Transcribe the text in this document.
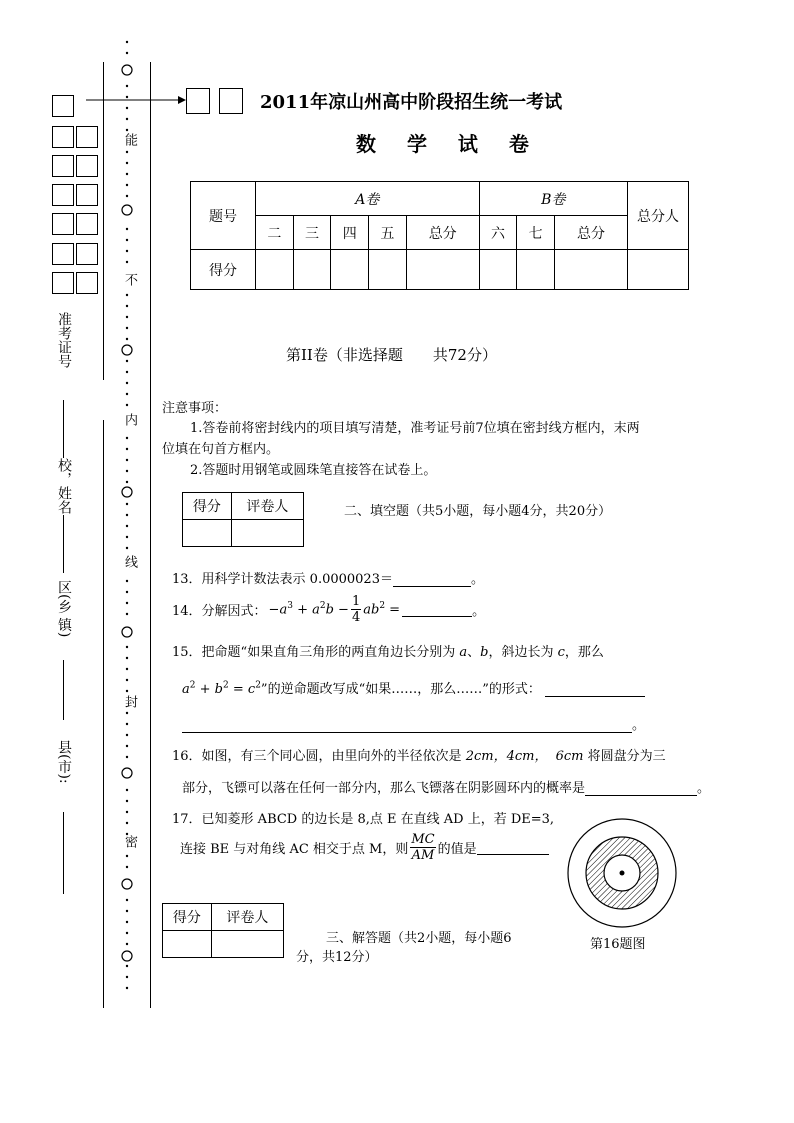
准考证号
校，姓名
区(乡 镇)
县(市):
能
不
内
线
封
密
2011年凉山州高中阶段招生统一考试
数 学 试 卷
题号	A卷					B卷			总分人
	二	三	四	五	总分	六	七	总分	
得分									
第II卷（非选择题　　共72分）
注意事项：
1.答卷前将密封线内的项目填写清楚，准考证号前7位填在密封线方框内，末两
位填在句首方框内。
2.答题时用钢笔或圆珠笔直接答在试卷上。
得分	评卷人
		二、填空题（共5小题，每小题4分，共20分）
13．用科学计数法表示 0.0000023＝	。
14．分解因式： $-a^3 + a^2b - \frac{1}{4} ab^2$ =	。
15．把命题“如果直角三角形的两直角边长分别为 a、b，斜边长为 c，那么
$a^2 + b^2 = c^2$”的逆命题改写成“如果……，那么……”的形式：
。
16．如图，有三个同心圆，由里向外的半径依次是 2cm，4cm， 6cm 将圆盘分为三
部分，飞镖可以落在任何一部分内，那么飞镖落在阴影圆环内的概率是	。
17．已知菱形 ABCD 的边长是 8,点 E 在直线 AD 上，若 DE=3,
连接 BE 与对角线 AC 相交于点 M，则 $\frac{MC}{AM}$ 的值是
第16题图
得分	评卷人

三、解答题（共2小题，每小题6
分，共12分）
